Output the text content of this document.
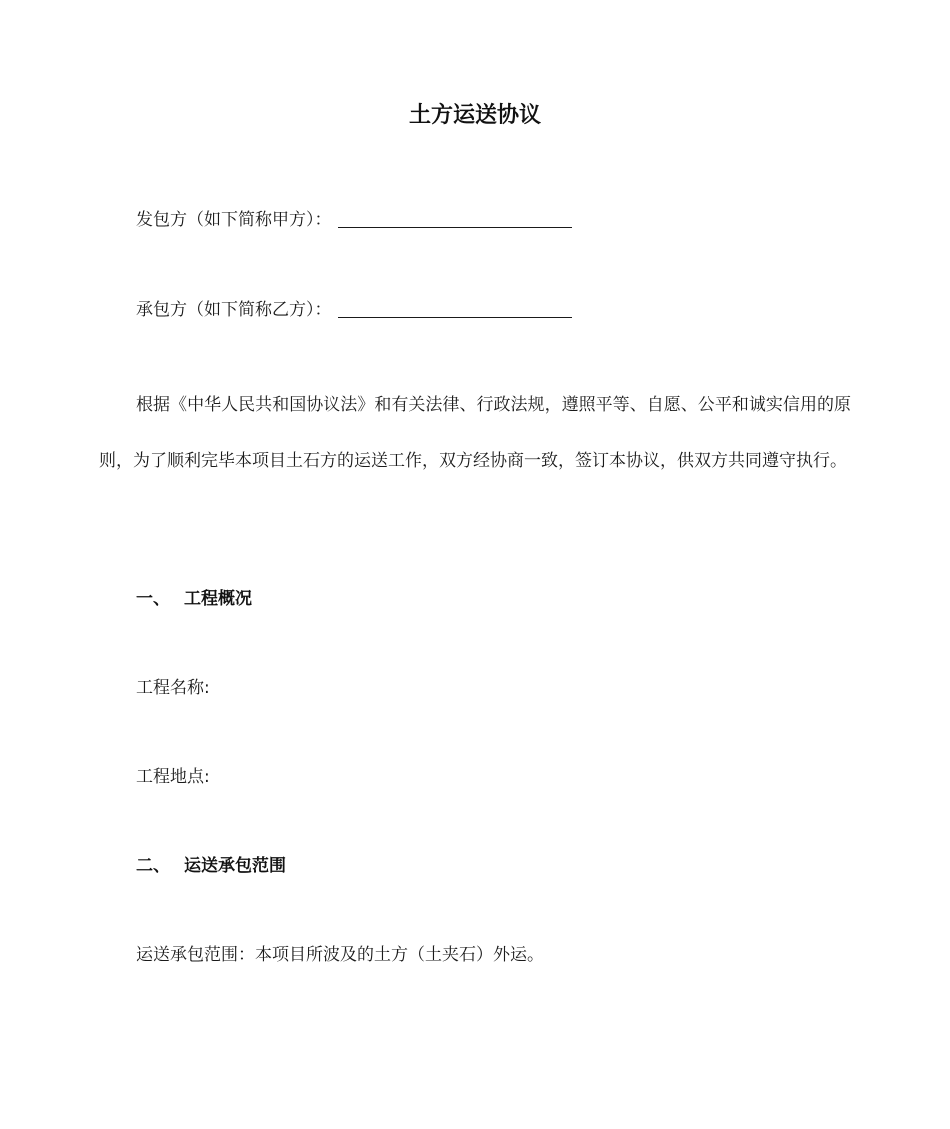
土方运送协议
发包方（如下简称甲方）：
承包方（如下简称乙方）：
根据《中华人民共和国协议法》和有关法律、行政法规，遵照平等、自愿、公平和诚实信用的原则，为了顺利完毕本项目土石方的运送工作，双方经协商一致，签订本协议，供双方共同遵守执行。
一、 工程概况
工程名称:
工程地点:
二、 运送承包范围
运送承包范围：本项目所波及的土方（土夹石）外运。
